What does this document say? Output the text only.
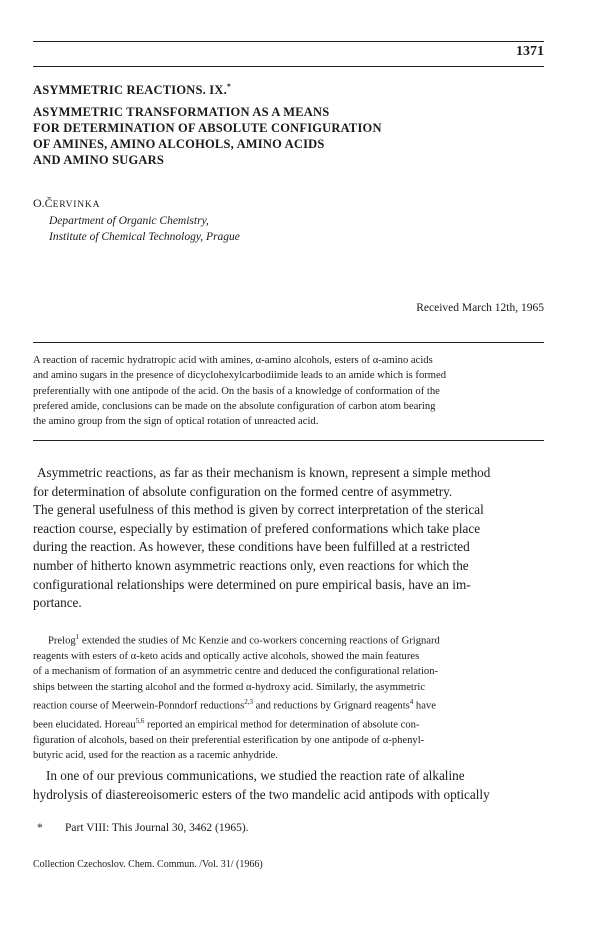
1371
ASYMMETRIC REACTIONS. IX.*
ASYMMETRIC TRANSFORMATION AS A MEANS
FOR DETERMINATION OF ABSOLUTE CONFIGURATION
OF AMINES, AMINO ALCOHOLS, AMINO ACIDS
AND AMINO SUGARS
O.ČERVINKA
Department of Organic Chemistry,
Institute of Chemical Technology, Prague
Received March 12th, 1965
A reaction of racemic hydratropic acid with amines, α-amino alcohols, esters of α-amino acids
and amino sugars in the presence of dicyclohexylcarbodiimide leads to an amide which is formed
preferentially with one antipode of the acid. On the basis of a knowledge of conformation of the
prefered amide, conclusions can be made on the absolute configuration of carbon atom bearing
the amino group from the sign of optical rotation of unreacted acid.
Asymmetric reactions, as far as their mechanism is known, represent a simple method
for determination of absolute configuration on the formed centre of asymmetry.
The general usefulness of this method is given by correct interpretation of the sterical
reaction course, especially by estimation of prefered conformations which take place
during the reaction. As however, these conditions have been fulfilled at a restricted
number of hitherto known asymmetric reactions only, even reactions for which the
configurational relationships were determined on pure empirical basis, have an im-
portance.
Prelog$^1$ extended the studies of Mc Kenzie and co-workers concerning reactions of Grignard
reagents with esters of α-keto acids and optically active alcohols, showed the main features
of a mechanism of formation of an asymmetric centre and deduced the configurational relation-
ships between the starting alcohol and the formed α-hydroxy acid. Similarly, the asymmetric
reaction course of Meerwein-Ponndorf reductions$^{2,3}$ and reductions by Grignard reagents$^4$ have
been elucidated. Horeau$^{5,6}$ reported an empirical method for determination of absolute con-
figuration of alcohols, based on their preferential esterification by one antipode of α-phenyl-
butyric acid, used for the reaction as a racemic anhydride.
In one of our previous communications, we studied the reaction rate of alkaline
hydrolysis of diastereoisomeric esters of the two mandelic acid antipods with optically
* Part VIII: This Journal 30, 3462 (1965).
Collection Czechoslov. Chem. Commun. /Vol. 31/ (1966)
